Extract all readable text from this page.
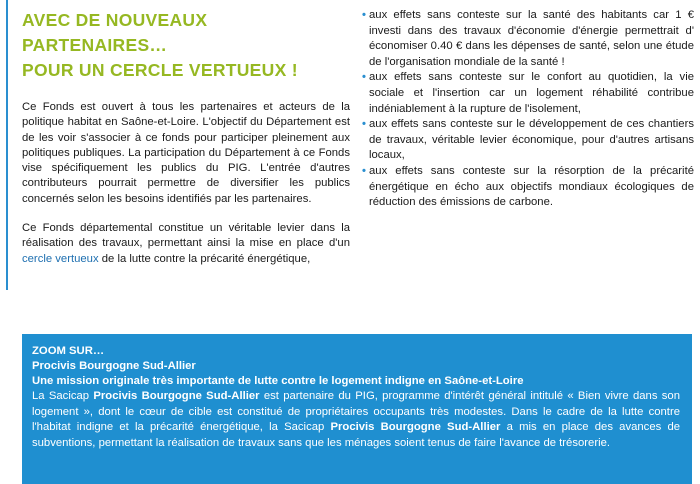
AVEC DE NOUVEAUX PARTENAIRES…
POUR UN CERCLE VERTUEUX !

Ce Fonds est ouvert à tous les partenaires et acteurs de la politique habitat en Saône-et-Loire. L'objectif du Département est de les voir s'associer à ce fonds pour participer pleinement aux politiques publiques. La participation du Département à ce Fonds vise spécifiquement les publics du PIG. L'entrée d'autres contributeurs pourrait permettre de diversifier les publics concernés selon les besoins identifiés par les partenaires.

Ce Fonds départemental constitue un véritable levier dans la réalisation des travaux, permettant ainsi la mise en place d'un cercle vertueux de la lutte contre la précarité énergétique,

• aux effets sans conteste sur la santé des habitants car 1 € investi dans des travaux d'économie d'énergie permettrait d' économiser 0.40 € dans les dépenses de santé, selon une étude de l'organisation mondiale de la santé !
• aux effets sans conteste sur le confort au quotidien, la vie sociale et l'insertion car un logement réhabilité contribue indéniablement à la rupture de l'isolement,
• aux effets sans conteste sur le développement de ces chantiers de travaux, véritable levier économique, pour d'autres artisans locaux,
• aux effets sans conteste sur la résorption de la précarité énergétique en écho aux objectifs mondiaux écologiques de réduction des émissions de carbone.

ZOOM SUR…

Procivis Bourgogne Sud-Allier

Une mission originale très importante de lutte contre le logement indigne en Saône-et-Loire

La Sacicap Procivis Bourgogne Sud-Allier est partenaire du PIG, programme d'intérêt général intitulé « Bien vivre dans son logement », dont le cœur de cible est constitué de propriétaires occupants très modestes. Dans le cadre de la lutte contre l'habitat indigne et la précarité énergétique, la Sacicap Procivis Bourgogne Sud-Allier a mis en place des avances de subventions, permettant la réalisation de travaux sans que les ménages soient tenus de faire l'avance de trésorerie.
